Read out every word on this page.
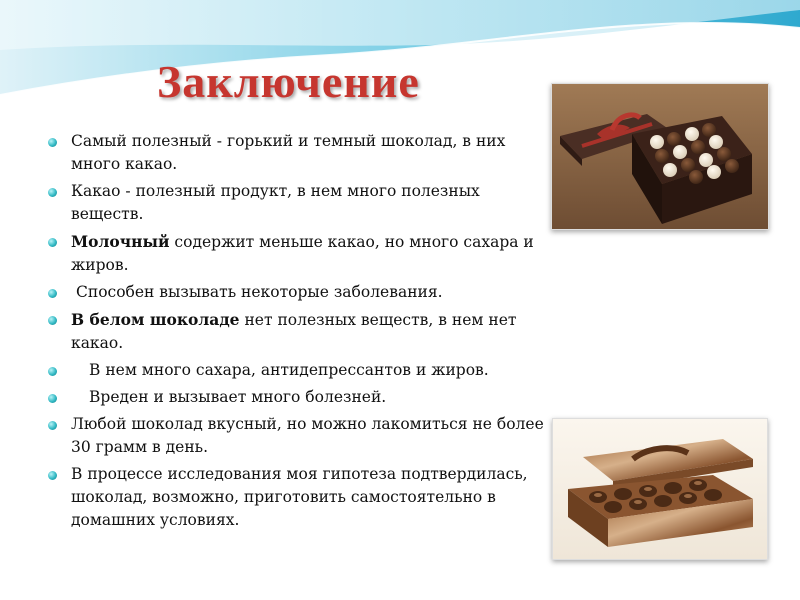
Заключение
Самый полезный - горький и темный шоколад, в них много какао.
Какао - полезный продукт, в нем много полезных веществ.
Молочный содержит меньше какао, но много сахара и жиров.
Способен вызывать некоторые заболевания.
В белом шоколаде нет полезных веществ, в нем нет какао.
В нем много сахара, антидепрессантов и жиров.
Вреден и вызывает много болезней.
Любой шоколад вкусный, но можно лакомиться не более 30 грамм в день.
В процессе исследования моя гипотеза подтвердилась, шоколад, возможно, приготовить самостоятельно в домашних условиях.
